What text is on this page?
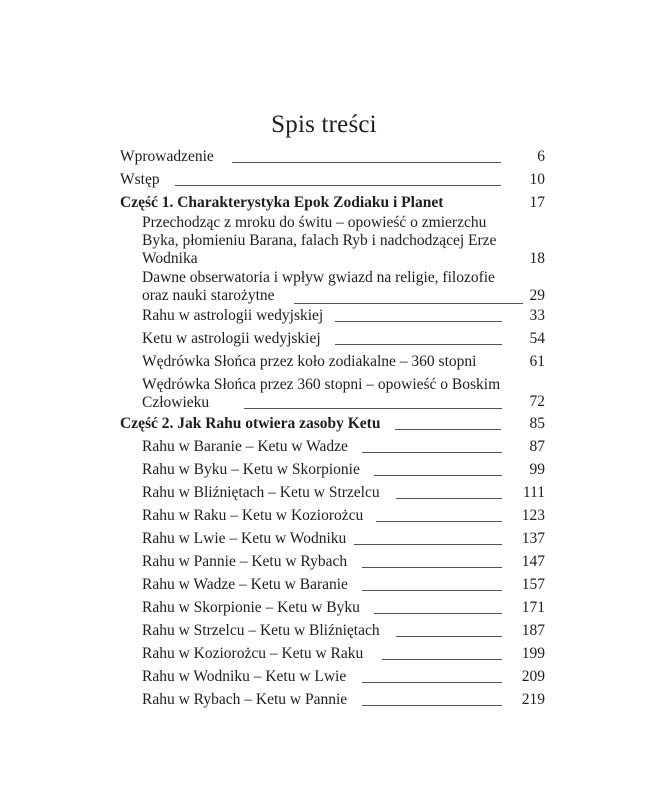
Spis treści
Wprowadzenie	6
Wstęp	10
Część 1. Charakterystyka Epok Zodiaku i Planet	17
Przechodząc z mroku do świtu – opowieść o zmierzchu
Byka, płomieniu Barana, falach Ryb i nadchodzącej Erze
Wodnika	18
Dawne obserwatoria i wpływ gwiazd na religie, filozofie
oraz nauki starożytne	29
Rahu w astrologii wedyjskiej	33
Ketu w astrologii wedyjskiej	54
Wędrówka Słońca przez koło zodiakalne – 360 stopni	61
Wędrówka Słońca przez 360 stopni – opowieść o Boskim
Człowieku	72
Część 2. Jak Rahu otwiera zasoby Ketu	85
Rahu w Baranie – Ketu w Wadze	87
Rahu w Byku – Ketu w Skorpionie	99
Rahu w Bliźniętach – Ketu w Strzelcu	111
Rahu w Raku – Ketu w Koziorożcu	123
Rahu w Lwie – Ketu w Wodniku	137
Rahu w Pannie – Ketu w Rybach	147
Rahu w Wadze – Ketu w Baranie	157
Rahu w Skorpionie – Ketu w Byku	171
Rahu w Strzelcu – Ketu w Bliźniętach	187
Rahu w Koziorożcu – Ketu w Raku	199
Rahu w Wodniku – Ketu w Lwie	209
Rahu w Rybach – Ketu w Pannie	219
